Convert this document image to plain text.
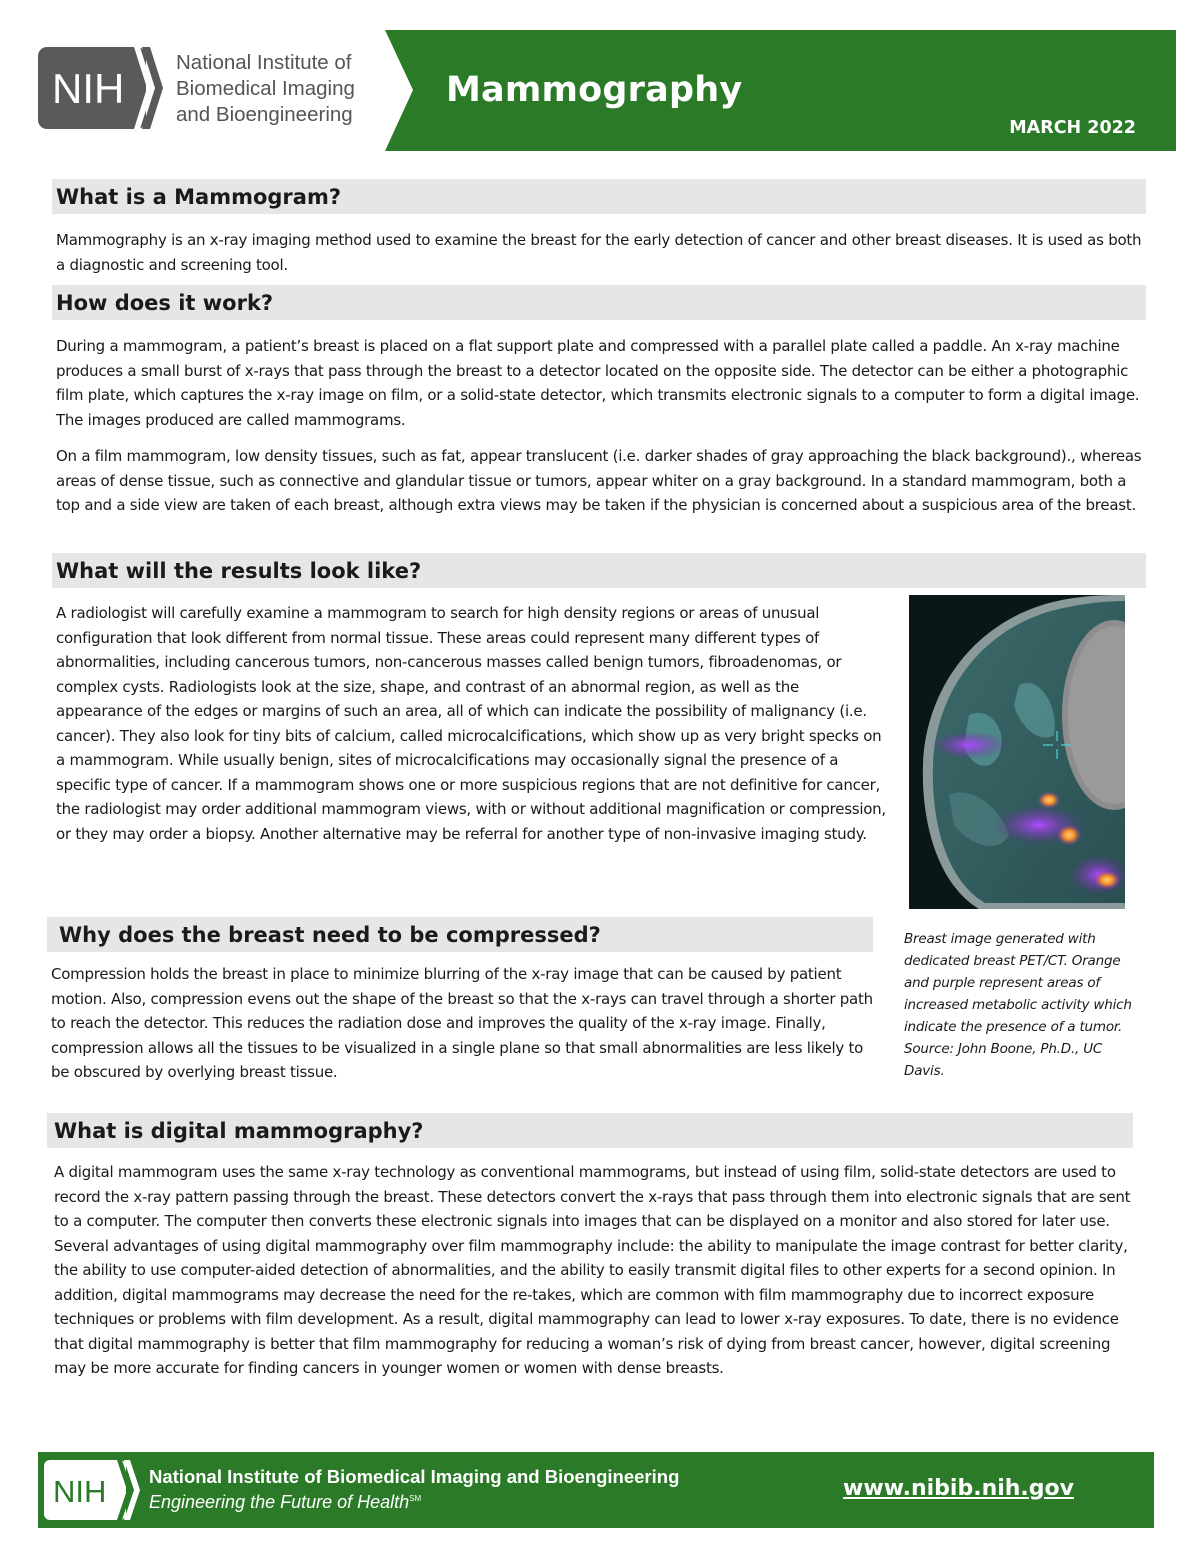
NIH
National Institute of
Biomedical Imaging
and Bioengineering
Mammography
MARCH 2022
What is a Mammogram?
Mammography is an x-ray imaging method used to examine the breast for the early detection of cancer and other breast diseases. It is used as both a diagnostic and screening tool.
How does it work?
During a mammogram, a patient’s breast is placed on a flat support plate and compressed with a parallel plate called a paddle. An x-ray machine produces a small burst of x-rays that pass through the breast to a detector located on the opposite side. The detector can be either a photographic film plate, which captures the x-ray image on film, or a solid-state detector, which transmits electronic signals to a computer to form a digital image. The images produced are called mammograms.
On a film mammogram, low density tissues, such as fat, appear translucent (i.e. darker shades of gray approaching the black background)., whereas areas of dense tissue, such as connective and glandular tissue or tumors, appear whiter on a gray background. In a standard mammogram, both a top and a side view are taken of each breast, although extra views may be taken if the physician is concerned about a suspicious area of the breast.
What will the results look like?
A radiologist will carefully examine a mammogram to search for high density regions or areas of unusual configuration that look different from normal tissue. These areas could represent many different types of abnormalities, including cancerous tumors, non-cancerous masses called benign tumors, fibroadenomas, or complex cysts. Radiologists look at the size, shape, and contrast of an abnormal region, as well as the appearance of the edges or margins of such an area, all of which can indicate the possibility of malignancy (i.e. cancer). They also look for tiny bits of calcium, called microcalcifications, which show up as very bright specks on a mammogram. While usually benign, sites of microcalcifications may occasionally signal the presence of a specific type of cancer. If a mammogram shows one or more suspicious regions that are not definitive for cancer, the radiologist may order additional mammogram views, with or without additional magnification or compression, or they may order a biopsy. Another alternative may be referral for another type of non-invasive imaging study.
Breast image generated with dedicated breast PET/CT. Orange and purple represent areas of increased metabolic activity which indicate the presence of a tumor. Source: John Boone, Ph.D., UC Davis.
Why does the breast need to be compressed?
Compression holds the breast in place to minimize blurring of the x-ray image that can be caused by patient motion. Also, compression evens out the shape of the breast so that the x-rays can travel through a shorter path to reach the detector. This reduces the radiation dose and improves the quality of the x-ray image. Finally, compression allows all the tissues to be visualized in a single plane so that small abnormalities are less likely to be obscured by overlying breast tissue.
What is digital mammography?
A digital mammogram uses the same x-ray technology as conventional mammograms, but instead of using film, solid-state detectors are used to record the x-ray pattern passing through the breast. These detectors convert the x-rays that pass through them into electronic signals that are sent to a computer. The computer then converts these electronic signals into images that can be displayed on a monitor and also stored for later use. Several advantages of using digital mammography over film mammography include: the ability to manipulate the image contrast for better clarity, the ability to use computer-aided detection of abnormalities, and the ability to easily transmit digital files to other experts for a second opinion. In addition, digital mammograms may decrease the need for the re-takes, which are common with film mammography due to incorrect exposure techniques or problems with film development. As a result, digital mammography can lead to lower x-ray exposures. To date, there is no evidence that digital mammography is better that film mammography for reducing a woman’s risk of dying from breast cancer, however, digital screening may be more accurate for finding cancers in younger women or women with dense breasts.
NIH National Institute of Biomedical Imaging and Bioengineering
Engineering the Future of Health℠	www.nibib.nih.gov
